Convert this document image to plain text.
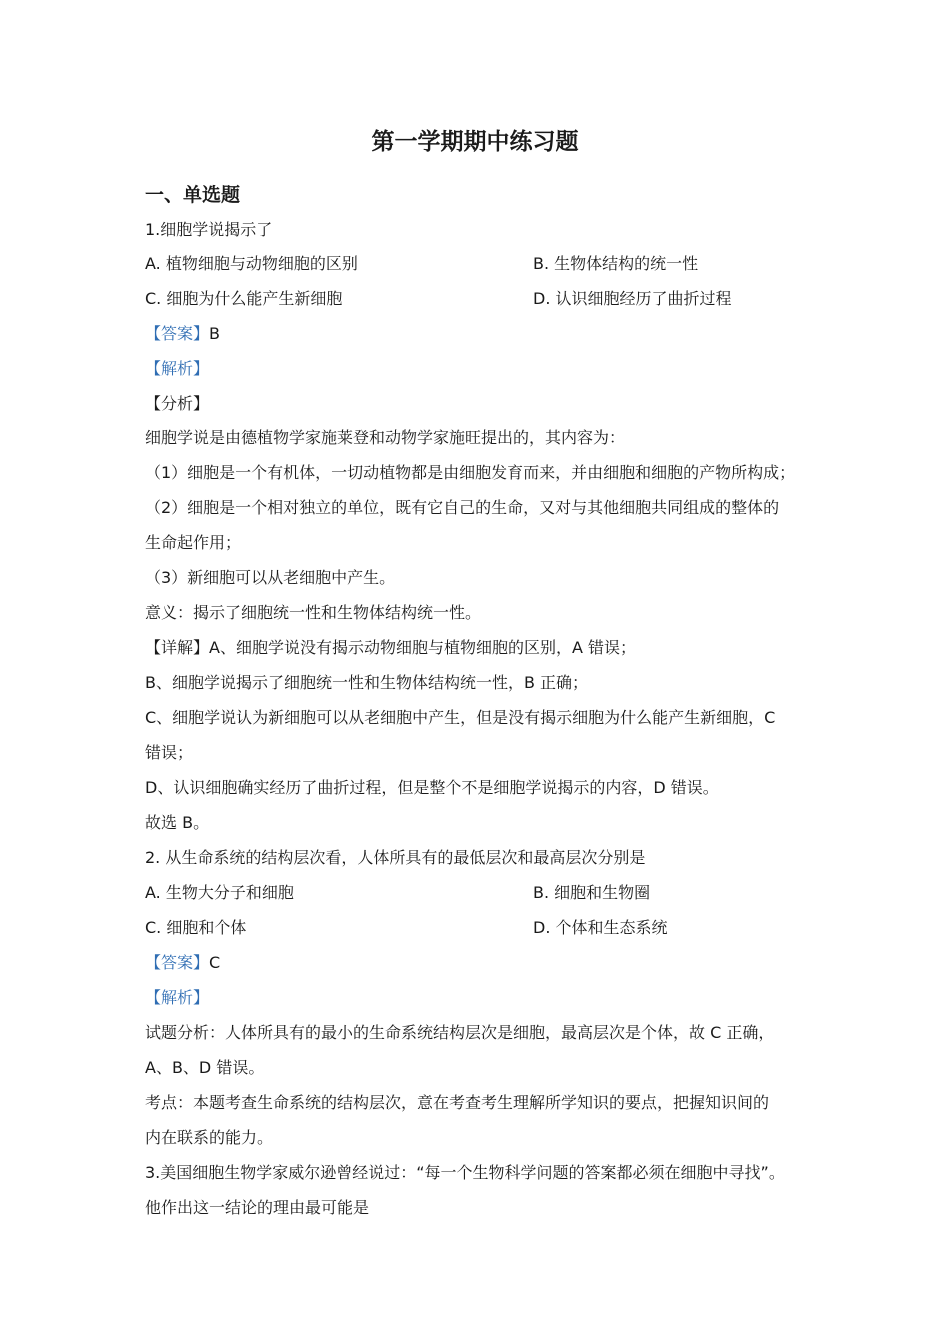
第一学期期中练习题
一、单选题
1.细胞学说揭示了
A. 植物细胞与动物细胞的区别	B. 生物体结构的统一性
C. 细胞为什么能产生新细胞	D. 认识细胞经历了曲折过程
【答案】B
【解析】
【分析】
细胞学说是由德植物学家施莱登和动物学家施旺提出的，其内容为：
（1）细胞是一个有机体，一切动植物都是由细胞发育而来，并由细胞和细胞的产物所构成；
（2）细胞是一个相对独立的单位，既有它自己的生命，又对与其他细胞共同组成的整体的
生命起作用；
（3）新细胞可以从老细胞中产生。
意义：揭示了细胞统一性和生物体结构统一性。
【详解】A、细胞学说没有揭示动物细胞与植物细胞的区别，A 错误；
B、细胞学说揭示了细胞统一性和生物体结构统一性，B 正确；
C、细胞学说认为新细胞可以从老细胞中产生，但是没有揭示细胞为什么能产生新细胞，C
错误；
D、认识细胞确实经历了曲折过程，但是整个不是细胞学说揭示的内容，D 错误。
故选 B。
2. 从生命系统的结构层次看，人体所具有的最低层次和最高层次分别是
A. 生物大分子和细胞	B. 细胞和生物圈
C. 细胞和个体	D. 个体和生态系统
【答案】C
【解析】
试题分析：人体所具有的最小的生命系统结构层次是细胞，最高层次是个体，故 C 正确，
A、B、D 错误。
考点：本题考查生命系统的结构层次，意在考查考生理解所学知识的要点，把握知识间的
内在联系的能力。
3.美国细胞生物学家威尔逊曾经说过：“每一个生物科学问题的答案都必须在细胞中寻找”。
他作出这一结论的理由最可能是
